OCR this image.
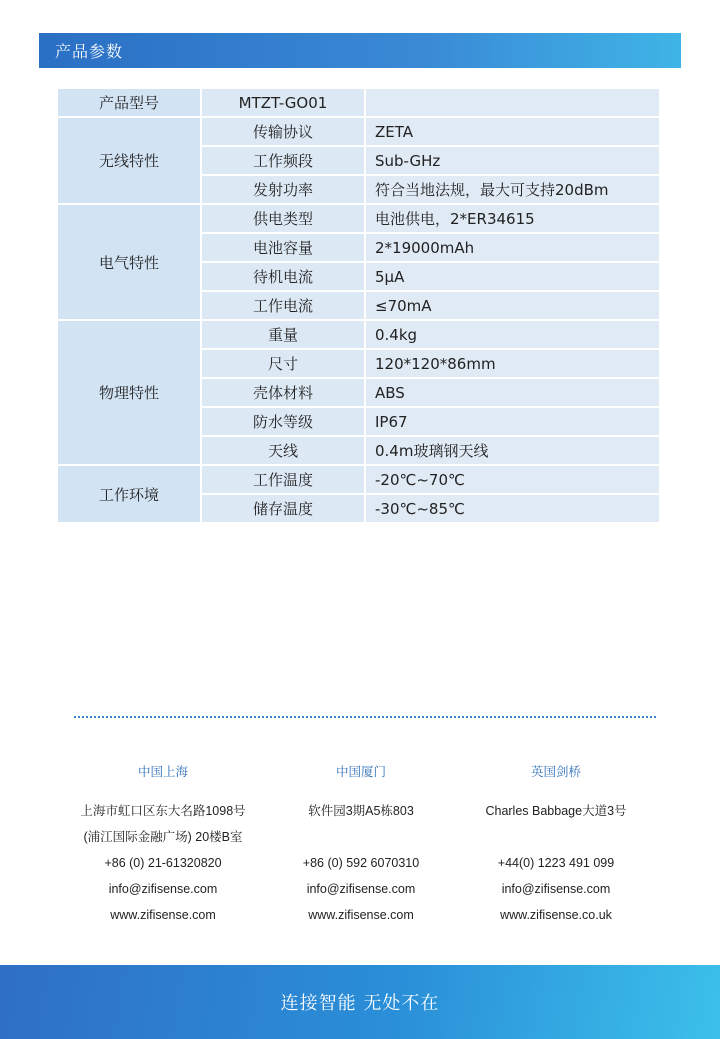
产品参数
产品型号	MTZT-GO01	
无线特性	传输协议	ZETA
	工作频段	Sub-GHz
	发射功率	符合当地法规，最大可支持20dBm
电气特性	供电类型	电池供电，2*ER34615
	电池容量	2*19000mAh
	待机电流	5μA
	工作电流	≤70mA
物理特性	重量	0.4kg
	尺寸	120*120*86mm
	壳体材料	ABS
	防水等级	IP67
	天线	0.4m玻璃钢天线
工作环境	工作温度	-20℃~70℃
	储存温度	-30℃~85℃
中国上海
上海市虹口区东大名路1098号
(浦江国际金融广场) 20楼B室
+86 (0) 21-61320820
info@zifisense.com
www.zifisense.com
中国厦门
软件园3期A5栋803
+86 (0) 592 6070310
info@zifisense.com
www.zifisense.com
英国剑桥
Charles Babbage大道3号
+44(0) 1223 491 099
info@zifisense.com
www.zifisense.co.uk
连接智能 无处不在
